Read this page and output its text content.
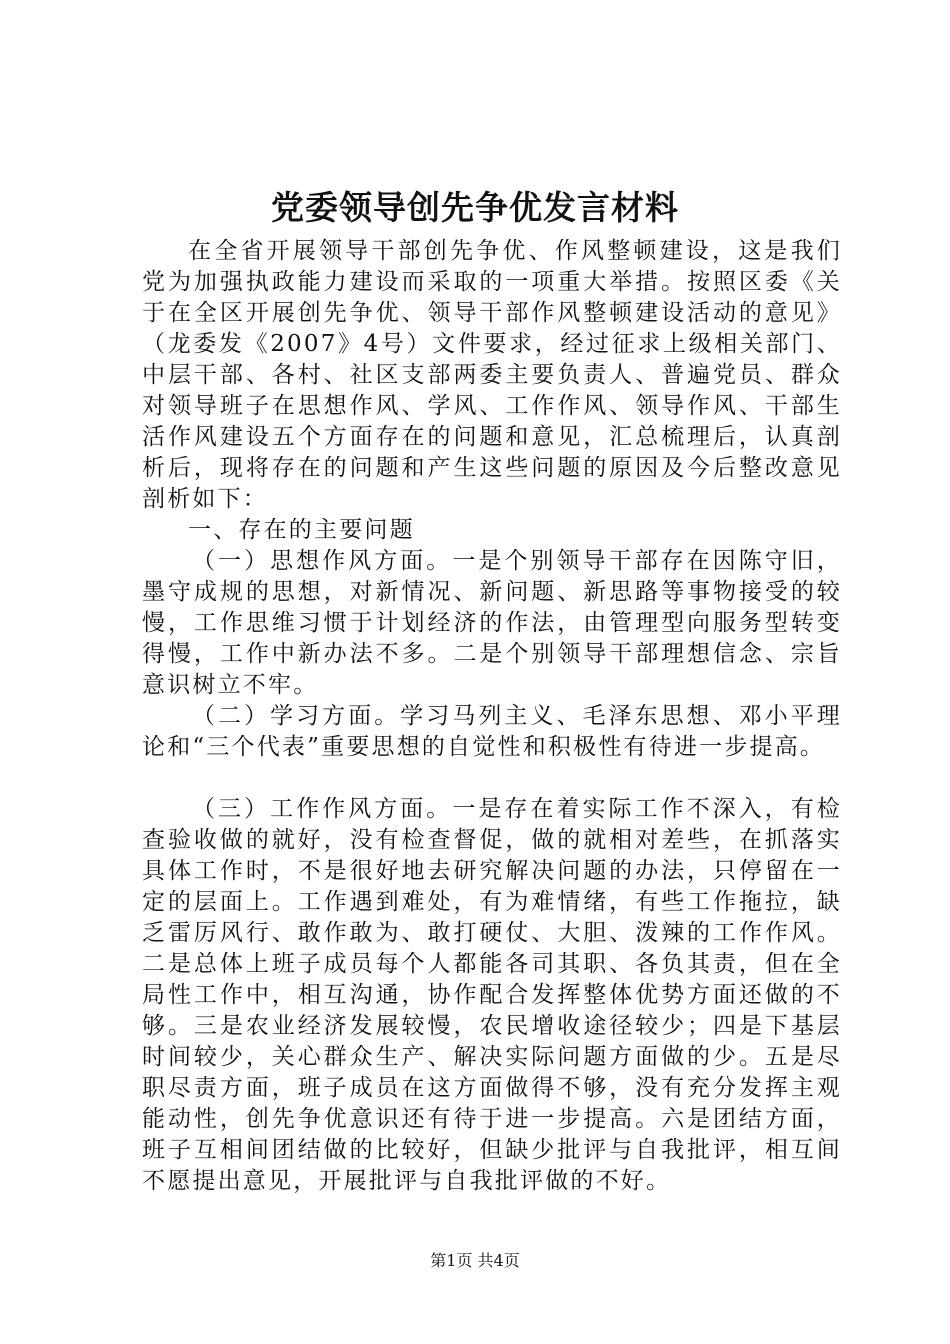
党委领导创先争优发言材料

在全省开展领导干部创先争优、作风整顿建设，这是我们党为加强执政能力建设而采取的一项重大举措。按照区委《关于在全区开展创先争优、领导干部作风整顿建设活动的意见》（龙委发《2007》4号）文件要求，经过征求上级相关部门、中层干部、各村、社区支部两委主要负责人、普遍党员、群众对领导班子在思想作风、学风、工作作风、领导作风、干部生活作风建设五个方面存在的问题和意见，汇总梳理后，认真剖析后，现将存在的问题和产生这些问题的原因及今后整改意见剖析如下：

一、存在的主要问题

（一）思想作风方面。一是个别领导干部存在因陈守旧，墨守成规的思想，对新情况、新问题、新思路等事物接受的较慢，工作思维习惯于计划经济的作法，由管理型向服务型转变得慢，工作中新办法不多。二是个别领导干部理想信念、宗旨意识树立不牢。

（二）学习方面。学习马列主义、毛泽东思想、邓小平理论和“三个代表”重要思想的自觉性和积极性有待进一步提高。

（三）工作作风方面。一是存在着实际工作不深入，有检查验收做的就好，没有检查督促，做的就相对差些，在抓落实具体工作时，不是很好地去研究解决问题的办法，只停留在一定的层面上。工作遇到难处，有为难情绪，有些工作拖拉，缺乏雷厉风行、敢作敢为、敢打硬仗、大胆、泼辣的工作作风。二是总体上班子成员每个人都能各司其职、各负其责，但在全局性工作中，相互沟通，协作配合发挥整体优势方面还做的不够。三是农业经济发展较慢，农民增收途径较少；四是下基层时间较少，关心群众生产、解决实际问题方面做的少。五是尽职尽责方面，班子成员在这方面做得不够，没有充分发挥主观能动性，创先争优意识还有待于进一步提高。六是团结方面，班子互相间团结做的比较好，但缺少批评与自我批评，相互间不愿提出意见，开展批评与自我批评做的不好。

第1页 共4页
